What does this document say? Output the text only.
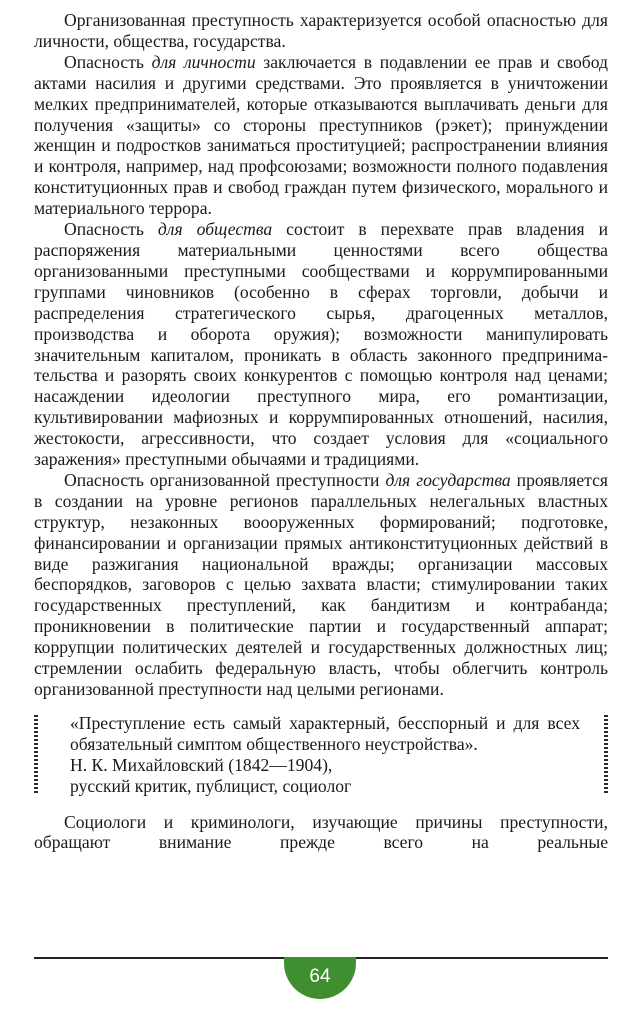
Организованная преступность характеризуется особой опасностью для личности, общества, государства.

Опасность для личности заключается в подавлении ее прав и свобод актами насилия и другими средствами. Это проявляется в уничтожении мелких предпринимателей, которые отказываются выплачивать деньги для получения «защиты» со стороны преступников (рэкет); принуждении женщин и подростков заниматься проституцией; распространении влияния и контроля, например, над профсоюзами; возможности полного подавления конституционных прав и свобод граждан путем физического, морального и материального террора.

Опасность для общества состоит в перехвате прав владения и распоряжения материальными ценностями всего общества организованными преступными сообществами и коррумпированными группами чиновников (особенно в сферах торговли, добычи и распределения стратегического сырья, драгоценных металлов, производства и оборота оружия); возможности манипулировать значительным капиталом, проникать в область законного предпринимательства и разорять своих конкурентов с помощью контроля над ценами; насаждении идеологии преступного мира, его романтизации, культивировании мафиозных и коррумпированных отношений, насилия, жестокости, агрессивности, что создает условия для «социального заражения» преступными обычаями и традициями.

Опасность организованной преступности для государства проявляется в создании на уровне регионов параллельных нелегальных властных структур, незаконных воооруженных формирований; подготовке, финансировании и организации прямых антиконституционных действий в виде разжигания национальной вражды; организации массовых беспорядков, заговоров с целью захвата власти; стимулировании таких государственных преступлений, как бандитизм и контрабанда; проникновении в политические партии и государственный аппарат; коррупции политических деятелей и государственных должностных лиц; стремлении ослабить федеральную власть, чтобы облегчить контроль организованной преступности над целыми регионами.

«Преступление есть самый характерный, бесспорный и для всех обязательный симптом общественного неустройства».

Н. К. Михайловский (1842—1904),

русский критик, публицист, социолог

Социологи и криминологи, изучающие причины преступности, обращают внимание прежде всего на реальные

64
